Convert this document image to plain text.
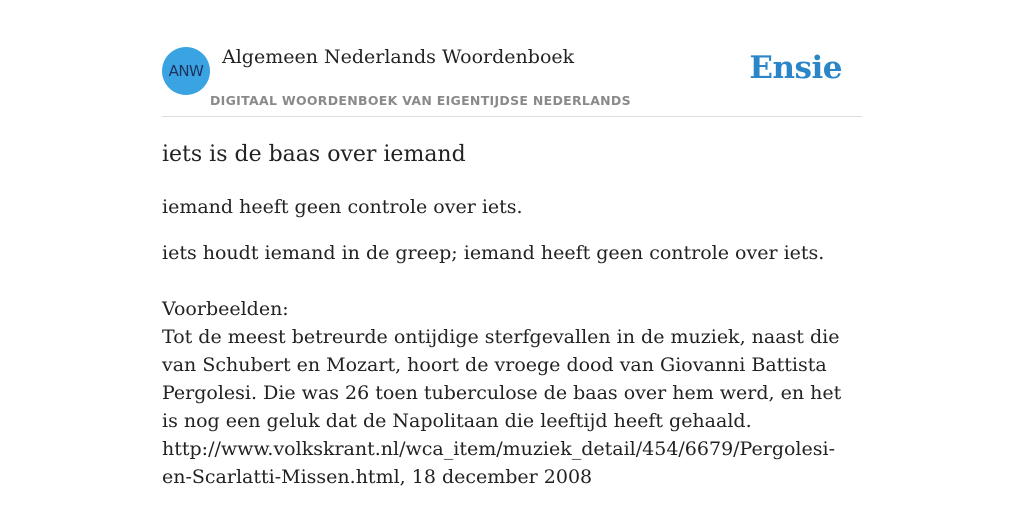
ANW
Algemeen Nederlands Woordenboek
DIGITAAL WOORDENBOEK VAN EIGENTIJDSE NEDERLANDS
Ensie
iets is de baas over iemand

iemand heeft geen controle over iets.

iets houdt iemand in de greep; iemand heeft geen controle over iets.

Voorbeelden:
Tot de meest betreurde ontijdige sterfgevallen in de muziek, naast die van Schubert en Mozart, hoort de vroege dood van Giovanni Battista Pergolesi. Die was 26 toen tuberculose de baas over hem werd, en het is nog een geluk dat de Napolitaan die leeftijd heeft gehaald.
http://www.volkskrant.nl/wca_item/muziek_detail/454/6679/Pergolesi-en-Scarlatti-Missen.html, 18 december 2008
